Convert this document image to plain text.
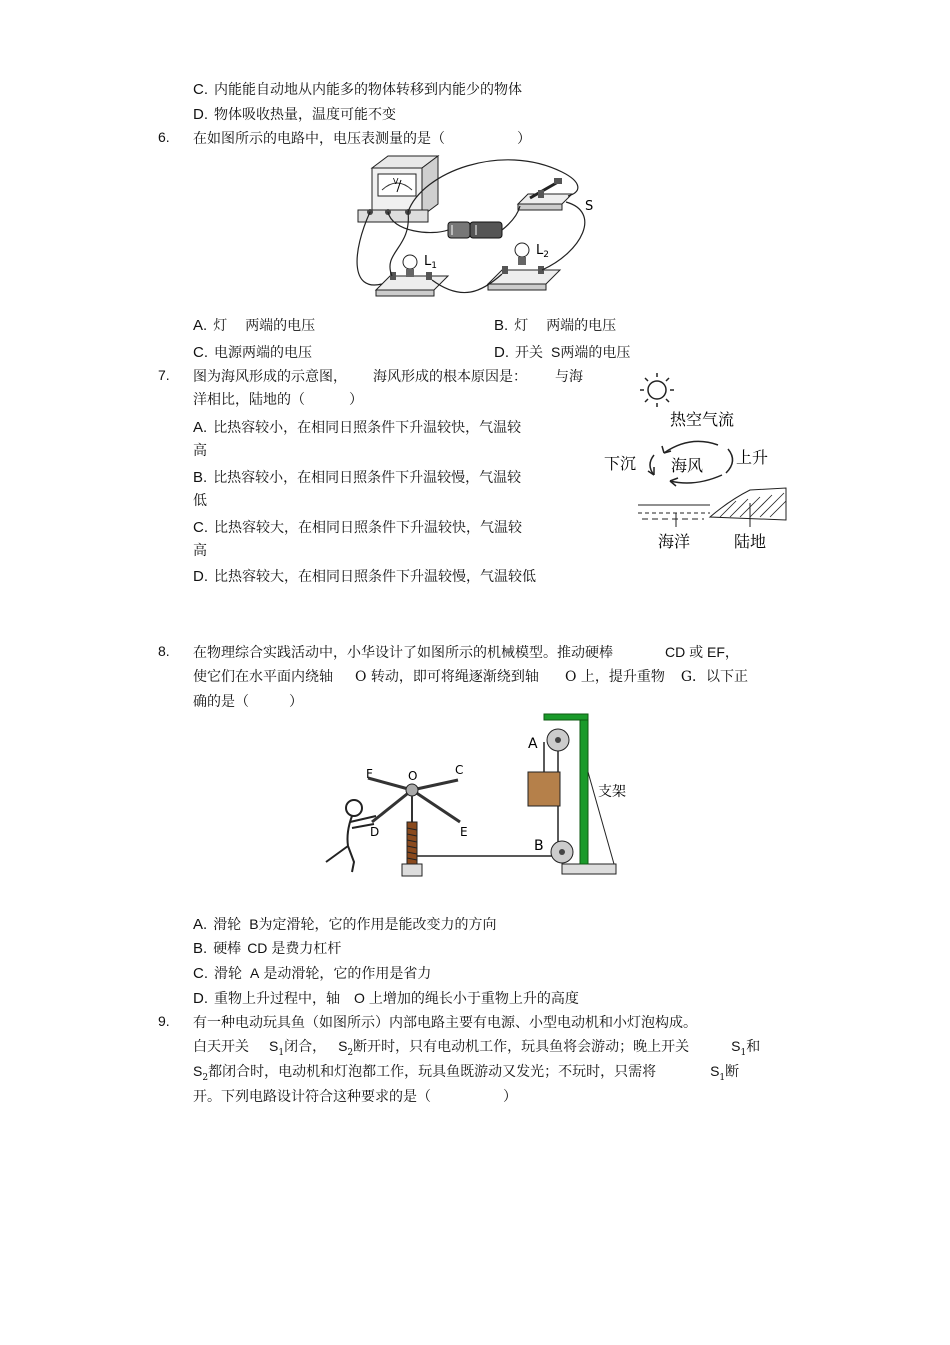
C. 内能能自动地从内能多的物体转移到内能少的物体
D. 物体吸收热量，温度可能不变
6. 在如图所示的电路中，电压表测量的是（	）
V
S
$L_1$
$L_2$
A. 灯 两端的电压	B. 灯 两端的电压
C. 电源两端的电压	D. 开关 S两端的电压
7. 图为海风形成的示意图， 海风形成的根本原因是： 与海
洋相比，陆地的（	）
A. 比热容较小，在相同日照条件下升温较快，气温较
高
B. 比热容较小，在相同日照条件下升温较慢，气温较
低
C. 比热容较大，在相同日照条件下升温较快，气温较
高
D. 比热容较大，在相同日照条件下升温较慢，气温较低
热空气流
下沉	上升
海风
海洋	陆地
8. 在物理综合实践活动中，小华设计了如图所示的机械模型。推动硬棒	CD 或 EF，
使它们在水平面内绕轴 O 转动，即可将绳逐渐绕到轴 O 上，提升重物 G．以下正
确的是（	）
F	O	C
D	E
A
B
支架
A. 滑轮 B为定滑轮，它的作用是能改变力的方向
B. 硬棒 CD 是费力杠杆
C. 滑轮 A 是动滑轮，它的作用是省力
D. 重物上升过程中，轴 O 上增加的绳长小于重物上升的高度
9. 有一种电动玩具鱼（如图所示）内部电路主要有电源、小型电动机和小灯泡构成。
白天开关 $S_1$闭合， $S_2$断开时，只有电动机工作，玩具鱼将会游动；晚上开关	$S_1$和
$S_2$都闭合时，电动机和灯泡都工作，玩具鱼既游动又发光；不玩时，只需将	$S_1$断
开。下列电路设计符合这种要求的是（	）
